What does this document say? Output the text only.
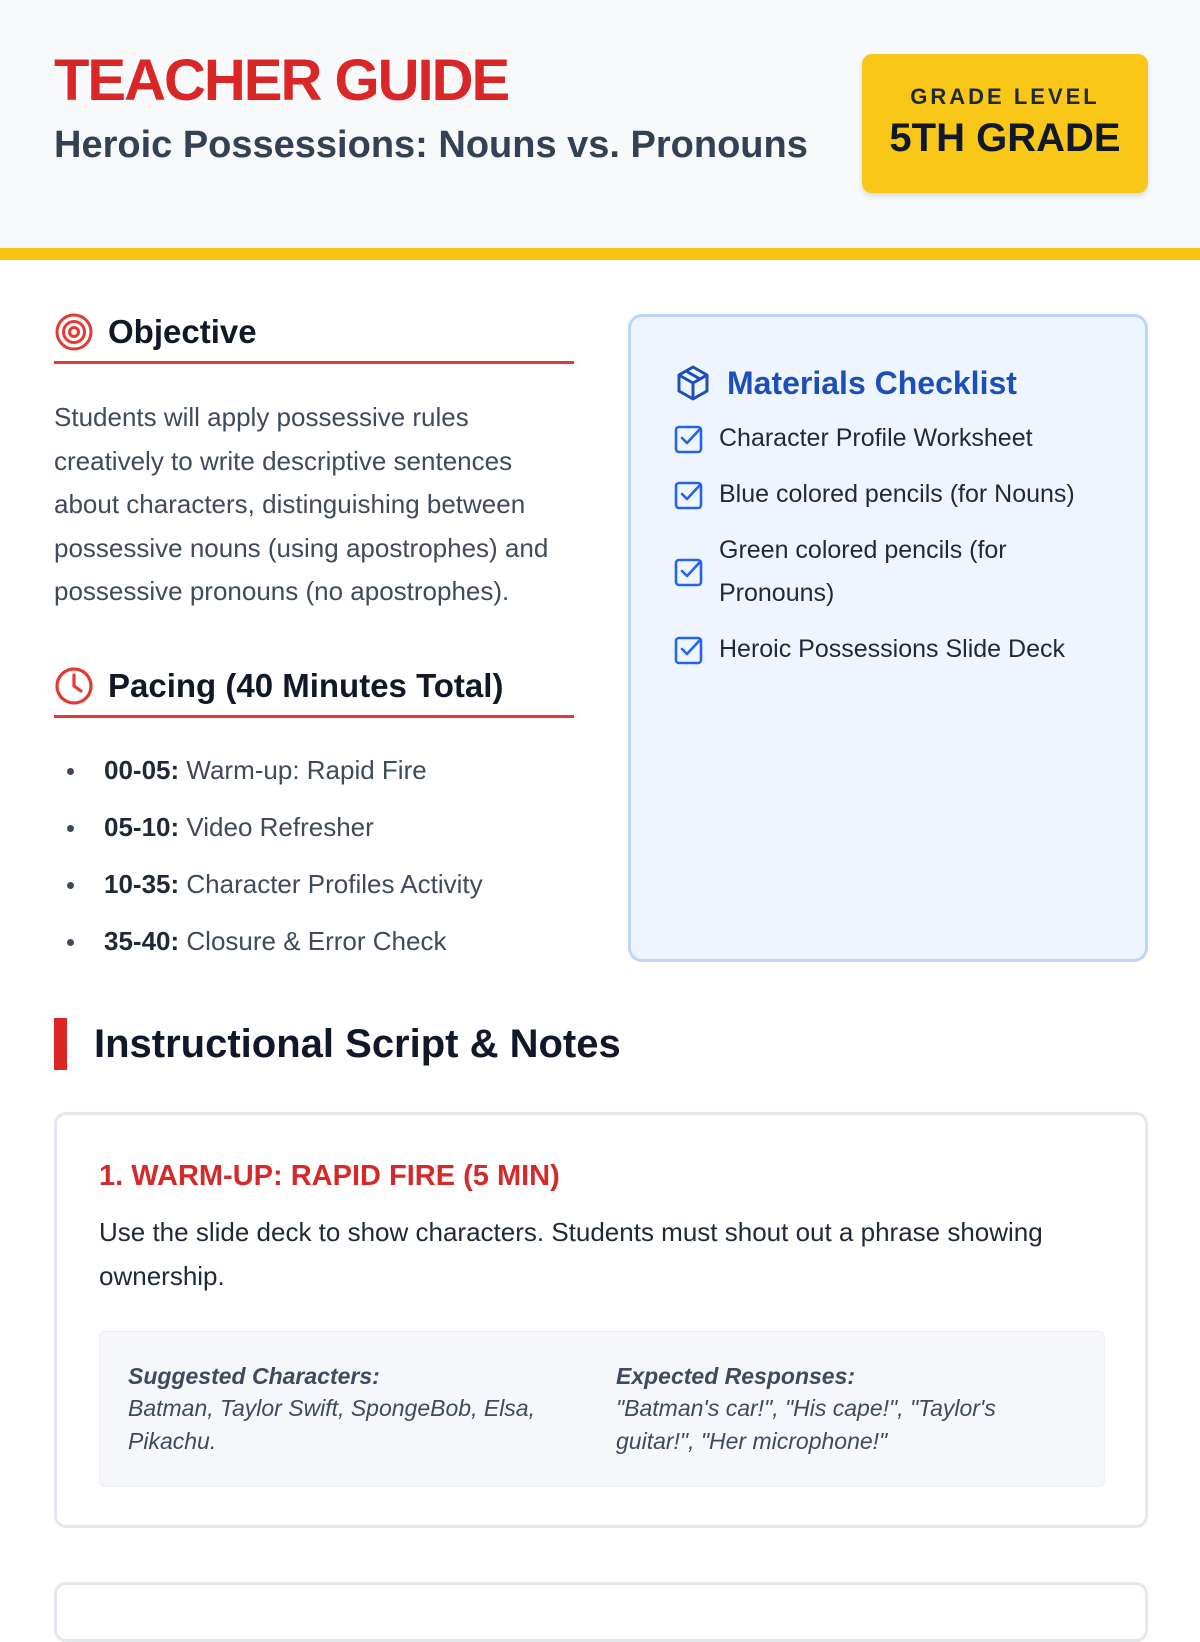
TEACHER GUIDE

Heroic Possessions: Nouns vs. Pronouns

GRADE LEVEL
5TH GRADE
Objective

Students will apply possessive rules creatively to write descriptive sentences about characters, distinguishing between possessive nouns (using apostrophes) and possessive pronouns (no apostrophes).

Pacing (40 Minutes Total)
00-05: Warm-up: Rapid Fire
05-10: Video Refresher
10-35: Character Profiles Activity
35-40: Closure & Error Check
Materials Checklist
Character Profile Worksheet
Blue colored pencils (for Nouns)
Green colored pencils (for Pronouns)
Heroic Possessions Slide Deck
Instructional Script & Notes
1. WARM-UP: RAPID FIRE (5 MIN)

Use the slide deck to show characters. Students must shout out a phrase showing ownership.

Suggested Characters:
Batman, Taylor Swift, SpongeBob, Elsa, Pikachu.
Expected Responses:
"Batman's car!", "His cape!", "Taylor's guitar!", "Her microphone!"
